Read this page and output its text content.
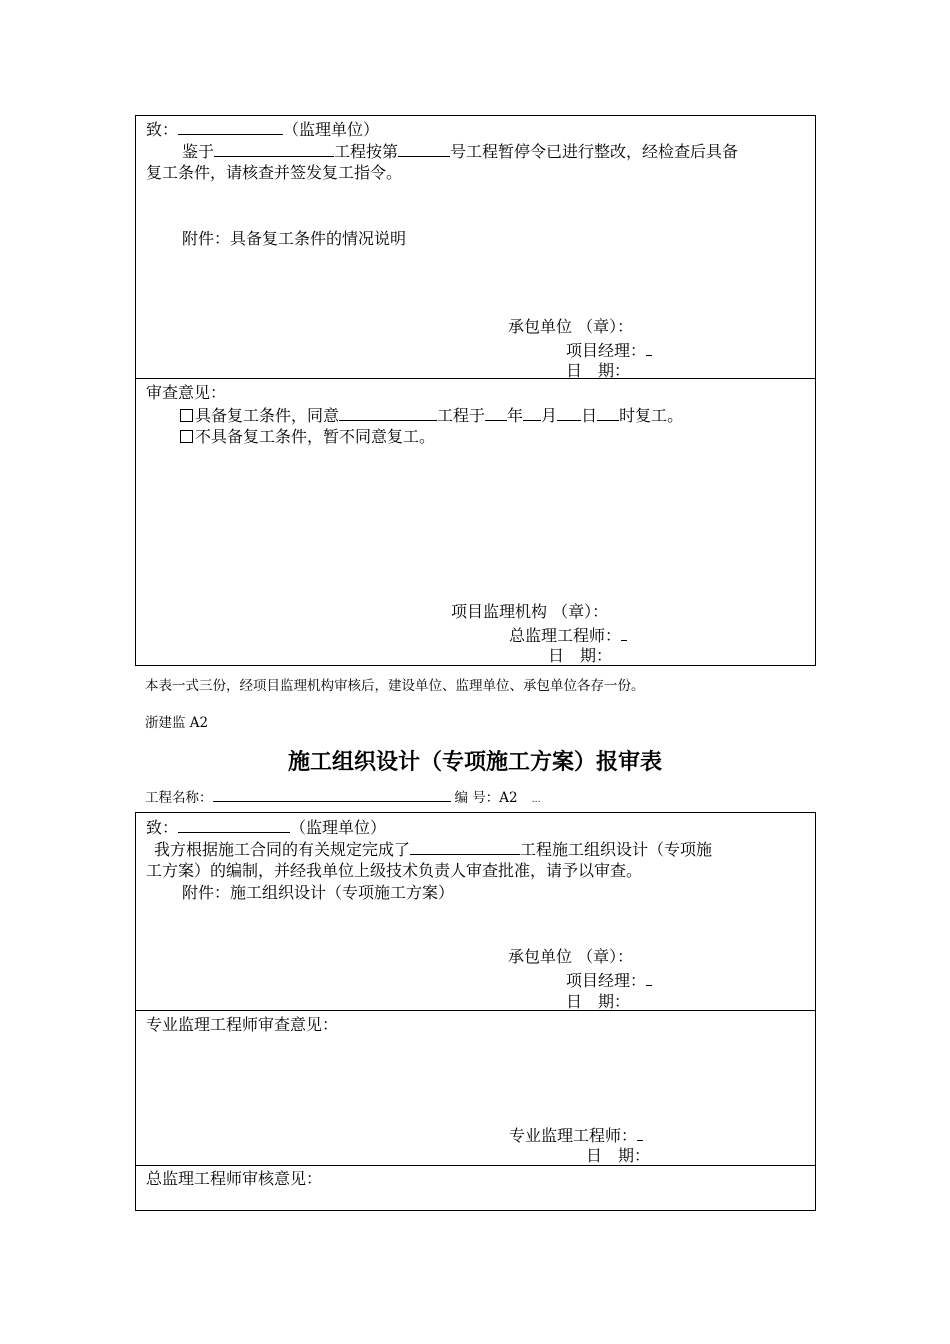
致：	（监理单位）
鉴于	工程按第	号工程暂停令已进行整改，经检查后具备
复工条件，请核查并签发复工指令。
附件：具备复工条件的情况说明
承包单位 （章）：
项目经理：
日　期：
审查意见：
具备复工条件，同意	工程于 年 月 日 时复工。
不具备复工条件，暂不同意复工。
项目监理机构 （章）：
总监理工程师：
日　期：
本表一式三份，经项目监理机构审核后，建设单位、监理单位、承包单位各存一份。
浙建监 A2
施工组织设计（专项施工方案）报审表
工程名称：	编 号：A2 …
致：	（监理单位）
我方根据施工合同的有关规定完成了	工程施工组织设计（专项施
工方案）的编制，并经我单位上级技术负责人审查批准，请予以审查。
附件：施工组织设计（专项施工方案）
承包单位 （章）：
项目经理：
日　期：
专业监理工程师审查意见：
专业监理工程师：
日　期：
总监理工程师审核意见：
